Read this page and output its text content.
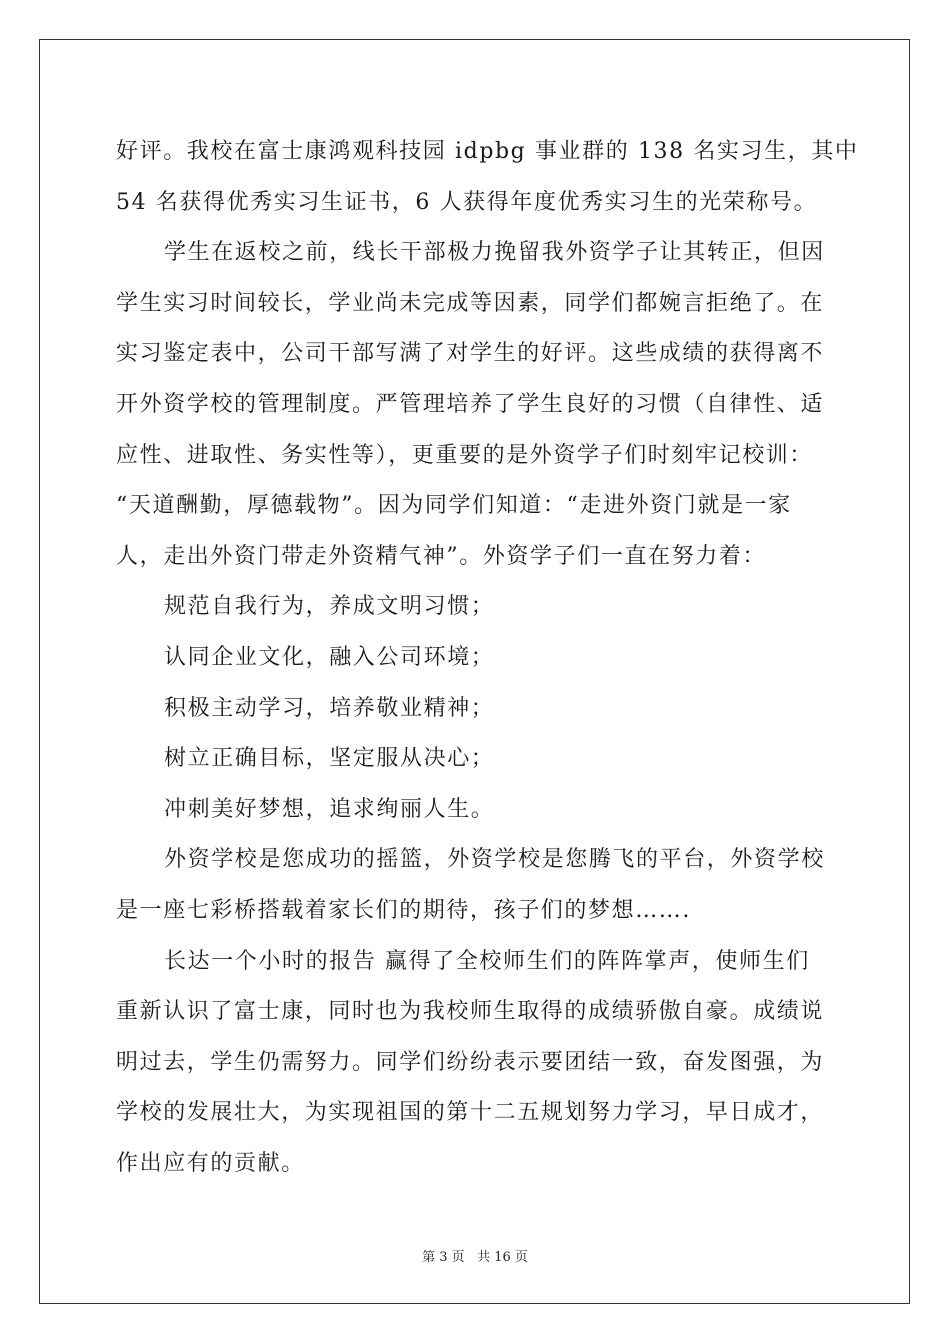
好评。我校在富士康鸿观科技园 idpbg 事业群的 138 名实习生，其中
54 名获得优秀实习生证书，6 人获得年度优秀实习生的光荣称号。
学生在返校之前，线长干部极力挽留我外资学子让其转正，但因
学生实习时间较长，学业尚未完成等因素，同学们都婉言拒绝了。在
实习鉴定表中，公司干部写满了对学生的好评。这些成绩的获得离不
开外资学校的管理制度。严管理培养了学生良好的习惯（自律性、适
应性、进取性、务实性等），更重要的是外资学子们时刻牢记校训：
“天道酬勤，厚德载物”。因为同学们知道：“走进外资门就是一家
人，走出外资门带走外资精气神”。外资学子们一直在努力着：
规范自我行为，养成文明习惯；
认同企业文化，融入公司环境；
积极主动学习，培养敬业精神；
树立正确目标，坚定服从决心；
冲刺美好梦想，追求绚丽人生。
外资学校是您成功的摇篮，外资学校是您腾飞的平台，外资学校
是一座七彩桥搭载着家长们的期待，孩子们的梦想…….
长达一个小时的报告 赢得了全校师生们的阵阵掌声，使师生们
重新认识了富士康，同时也为我校师生取得的成绩骄傲自豪。成绩说
明过去，学生仍需努力。同学们纷纷表示要团结一致，奋发图强，为
学校的发展壮大，为实现祖国的第十二五规划努力学习，早日成才，
作出应有的贡献。
第 3 页 共 16 页
